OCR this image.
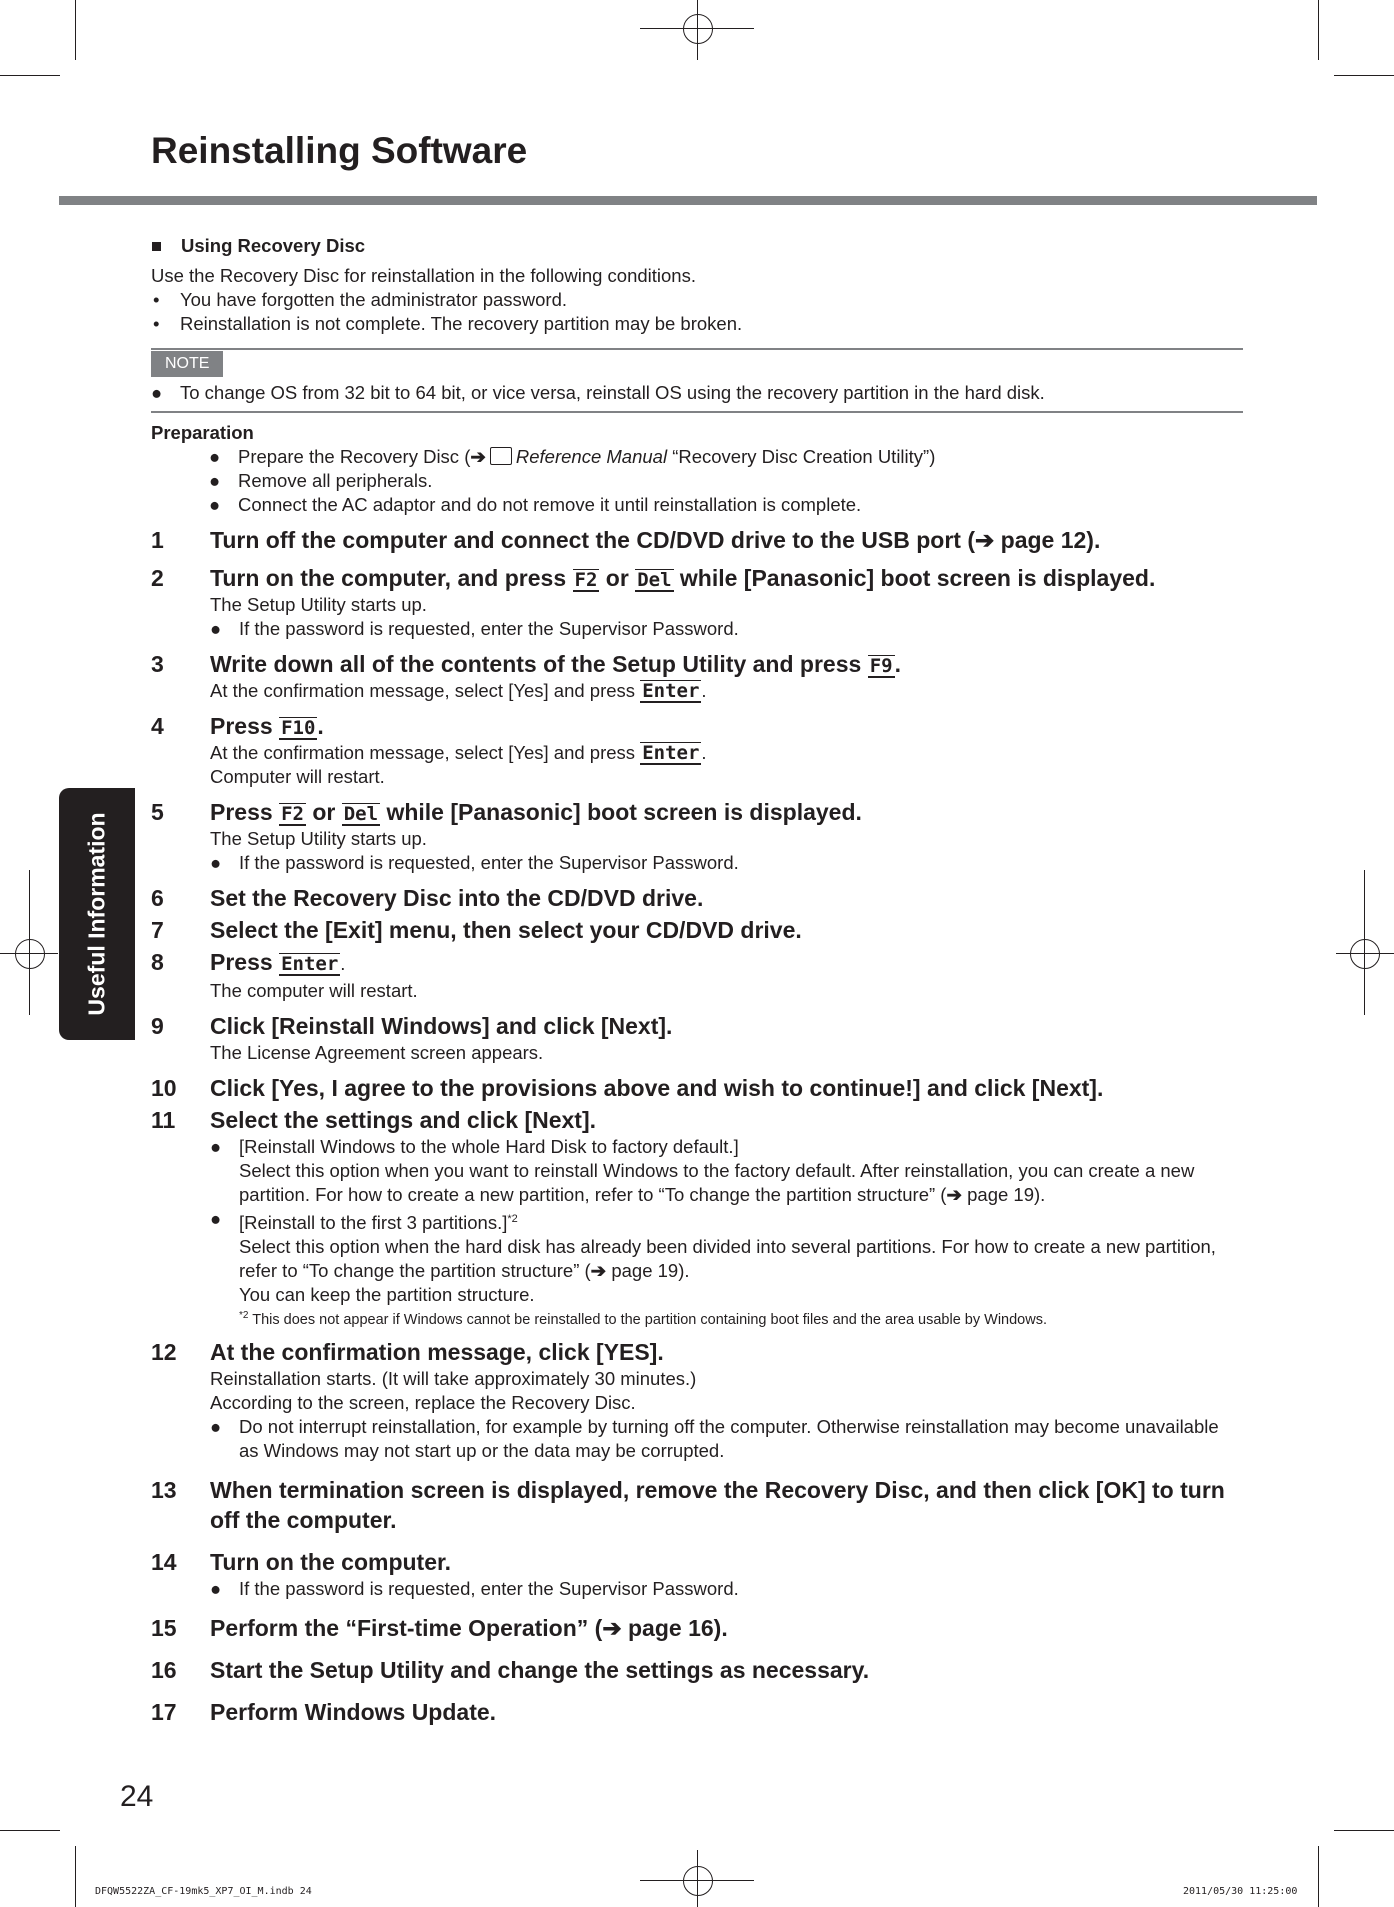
Reinstalling Software
Useful Information
Using Recovery Disc

Use the Recovery Disc for reinstallation in the following conditions.

• You have forgotten the administrator password.
• Reinstallation is not complete. The recovery partition may be broken.
NOTE
● To change OS from 32 bit to 64 bit, or vice versa, reinstall OS using the recovery partition in the hard disk.
Preparation
● Prepare the Recovery Disc (➔ Reference Manual “Recovery Disc Creation Utility”)
● Remove all peripherals.
● Connect the AC adaptor and do not remove it until reinstallation is complete.
1 Turn off the computer and connect the CD/DVD drive to the USB port (➔ page 12).
2 Turn on the computer, and press F2 or Del while [Panasonic] boot screen is displayed.
The Setup Utility starts up.
● If the password is requested, enter the Supervisor Password.
3 Write down all of the contents of the Setup Utility and press F9.
At the confirmation message, select [Yes] and press Enter .
4 Press F10.
At the confirmation message, select [Yes] and press Enter .
Computer will restart.
5 Press F2 or Del while [Panasonic] boot screen is displayed.
The Setup Utility starts up.
● If the password is requested, enter the Supervisor Password.
6 Set the Recovery Disc into the CD/DVD drive.
7 Select the [Exit] menu, then select your CD/DVD drive.
8 Press Enter .
The computer will restart.
9 Click [Reinstall Windows] and click [Next].
The License Agreement screen appears.
10 Click [Yes, I agree to the provisions above and wish to continue!] and click [Next].
11 Select the settings and click [Next].
● [Reinstall Windows to the whole Hard Disk to factory default.]
Select this option when you want to reinstall Windows to the factory default. After reinstallation, you can create a new partition. For how to create a new partition, refer to “To change the partition structure” (➔ page 19).
● [Reinstall to the first 3 partitions.]$^{*2}$
Select this option when the hard disk has already been divided into several partitions. For how to create a new partition, refer to “To change the partition structure” (➔ page 19).
You can keep the partition structure.
$^{*2}$ This does not appear if Windows cannot be reinstalled to the partition containing boot files and the area usable by Windows.
12 At the confirmation message, click [YES].
Reinstallation starts. (It will take approximately 30 minutes.)
According to the screen, replace the Recovery Disc.
● Do not interrupt reinstallation, for example by turning off the computer. Otherwise reinstallation may become unavailable as Windows may not start up or the data may be corrupted.
13 When termination screen is displayed, remove the Recovery Disc, and then click [OK] to turn off the computer.
14 Turn on the computer.
● If the password is requested, enter the Supervisor Password.
15 Perform the “First-time Operation” (➔ page 16).
16 Start the Setup Utility and change the settings as necessary.
17 Perform Windows Update.
24
DFQW5522ZA_CF-19mk5_XP7_OI_M.indb 24	2011/05/30 11:25:00
